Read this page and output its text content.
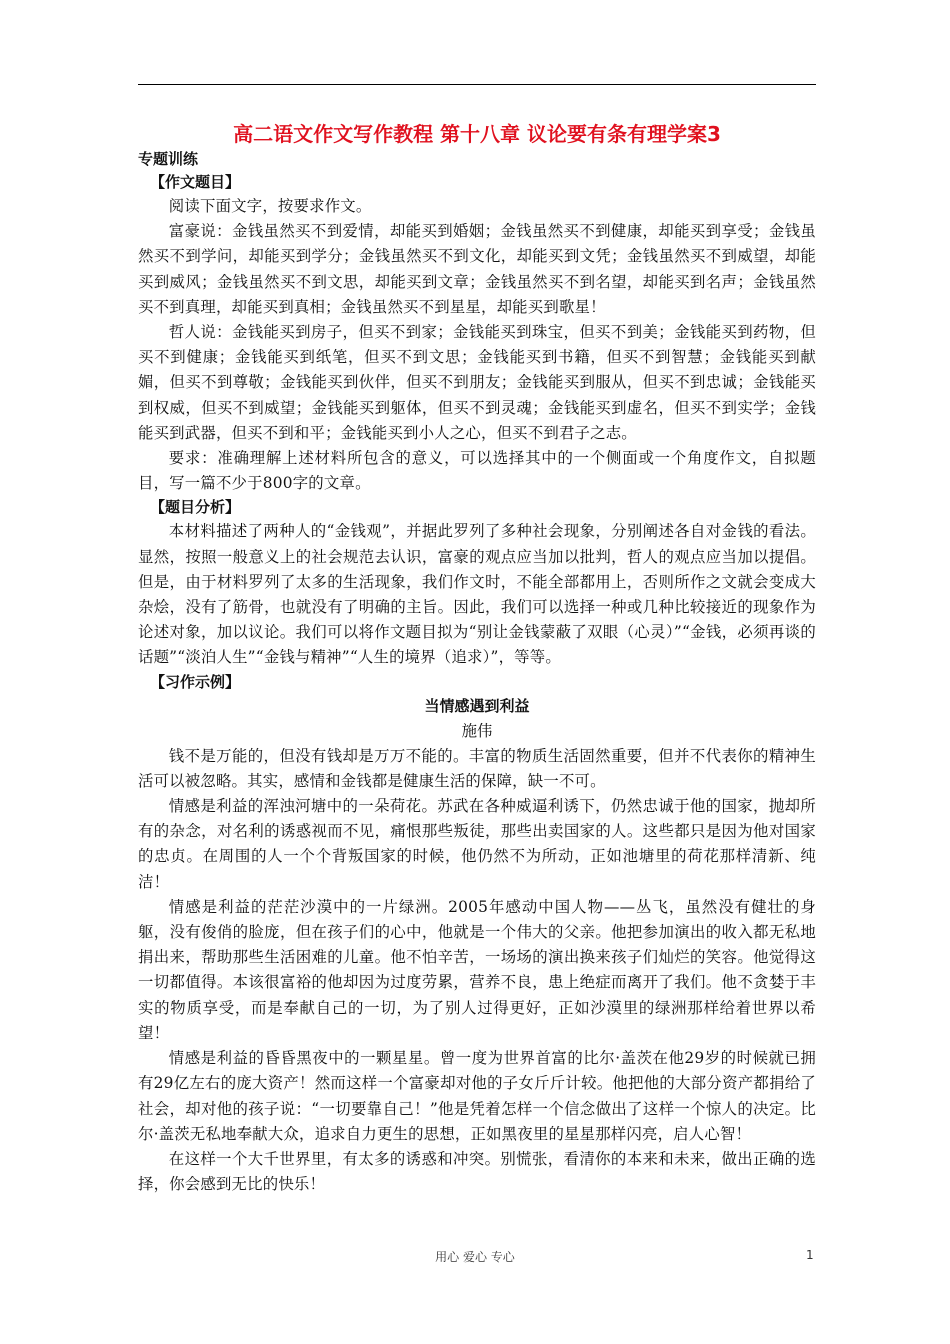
高二语文作文写作教程 第十八章 议论要有条有理学案3
专题训练
【作文题目】

阅读下面文字，按要求作文。

富豪说：金钱虽然买不到爱情，却能买到婚姻；金钱虽然买不到健康，却能买到享受；金钱虽然买不到学问，却能买到学分；金钱虽然买不到文化，却能买到文凭；金钱虽然买不到威望，却能买到威风；金钱虽然买不到文思，却能买到文章；金钱虽然买不到名望，却能买到名声；金钱虽然买不到真理，却能买到真相；金钱虽然买不到星星，却能买到歌星！

哲人说：金钱能买到房子，但买不到家；金钱能买到珠宝，但买不到美；金钱能买到药物，但买不到健康；金钱能买到纸笔，但买不到文思；金钱能买到书籍，但买不到智慧；金钱能买到献媚，但买不到尊敬；金钱能买到伙伴，但买不到朋友；金钱能买到服从，但买不到忠诚；金钱能买到权威，但买不到威望；金钱能买到躯体，但买不到灵魂；金钱能买到虚名，但买不到实学；金钱能买到武器，但买不到和平；金钱能买到小人之心，但买不到君子之志。

要求：准确理解上述材料所包含的意义，可以选择其中的一个侧面或一个角度作文，自拟题目，写一篇不少于800字的文章。

【题目分析】

本材料描述了两种人的“金钱观”，并据此罗列了多种社会现象，分别阐述各自对金钱的看法。显然，按照一般意义上的社会规范去认识，富豪的观点应当加以批判，哲人的观点应当加以提倡。但是，由于材料罗列了太多的生活现象，我们作文时，不能全部都用上，否则所作之文就会变成大杂烩，没有了筋骨，也就没有了明确的主旨。因此，我们可以选择一种或几种比较接近的现象作为论述对象，加以议论。我们可以将作文题目拟为“别让金钱蒙蔽了双眼（心灵）”“金钱，必须再谈的话题”“淡泊人生”“金钱与精神”“人生的境界（追求）”，等等。

【习作示例】
当情感遇到利益
施伟

钱不是万能的，但没有钱却是万万不能的。丰富的物质生活固然重要，但并不代表你的精神生活可以被忽略。其实，感情和金钱都是健康生活的保障，缺一不可。

情感是利益的浑浊河塘中的一朵荷花。苏武在各种威逼利诱下，仍然忠诚于他的国家，抛却所有的杂念，对名利的诱惑视而不见，痛恨那些叛徒，那些出卖国家的人。这些都只是因为他对国家的忠贞。在周围的人一个个背叛国家的时候，他仍然不为所动，正如池塘里的荷花那样清新、纯洁！

情感是利益的茫茫沙漠中的一片绿洲。2005年感动中国人物——丛飞，虽然没有健壮的身躯，没有俊俏的脸庞，但在孩子们的心中，他就是一个伟大的父亲。他把参加演出的收入都无私地捐出来，帮助那些生活困难的儿童。他不怕辛苦，一场场的演出换来孩子们灿烂的笑容。他觉得这一切都值得。本该很富裕的他却因为过度劳累，营养不良，患上绝症而离开了我们。他不贪婪于丰实的物质享受，而是奉献自己的一切，为了别人过得更好，正如沙漠里的绿洲那样给着世界以希望！

情感是利益的昏昏黑夜中的一颗星星。曾一度为世界首富的比尔·盖茨在他29岁的时候就已拥有29亿左右的庞大资产！然而这样一个富豪却对他的子女斤斤计较。他把他的大部分资产都捐给了社会，却对他的孩子说：“一切要靠自己！”他是凭着怎样一个信念做出了这样一个惊人的决定。比尔·盖茨无私地奉献大众，追求自力更生的思想，正如黑夜里的星星那样闪亮，启人心智！

在这样一个大千世界里，有太多的诱惑和冲突。别慌张，看清你的本来和未来，做出正确的选择，你会感到无比的快乐！

用心 爱心 专心	1
